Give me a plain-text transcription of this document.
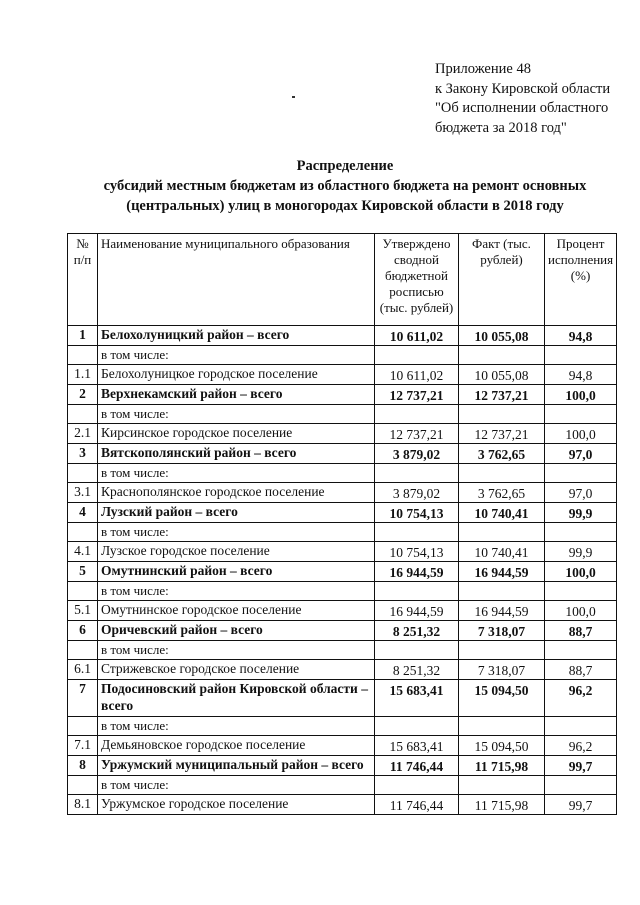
Приложение 48
к Закону Кировской области
"Об исполнении областного
бюджета за 2018 год"
Распределение
субсидий местным бюджетам из областного бюджета на ремонт основных
(центральных) улиц в моногородах Кировской области в 2018 году
№ п/п	Наименование муниципального образования	Утверждено сводной бюджетной росписью (тыс. рублей)	Факт (тыс. рублей)	Процент исполнения (%)
1	Белохолуницкий район – всего	10 611,02	10 055,08	94,8
	в том числе:			
1.1	Белохолуницкое городское поселение	10 611,02	10 055,08	94,8
2	Верхнекамский район – всего	12 737,21	12 737,21	100,0
	в том числе:			
2.1	Кирсинское городское поселение	12 737,21	12 737,21	100,0
3	Вятскополянский район – всего	3 879,02	3 762,65	97,0
	в том числе:			
3.1	Краснополянское городское поселение	3 879,02	3 762,65	97,0
4	Лузский район – всего	10 754,13	10 740,41	99,9
	в том числе:			
4.1	Лузское городское поселение	10 754,13	10 740,41	99,9
5	Омутнинский район – всего	16 944,59	16 944,59	100,0
	в том числе:			
5.1	Омутнинское городское поселение	16 944,59	16 944,59	100,0
6	Оричевский район – всего	8 251,32	7 318,07	88,7
	в том числе:			
6.1	Стрижевское городское поселение	8 251,32	7 318,07	88,7
7	Подосиновский район Кировской области – всего	15 683,41	15 094,50	96,2
	в том числе:			
7.1	Демьяновское городское поселение	15 683,41	15 094,50	96,2
8	Уржумский муниципальный район – всего	11 746,44	11 715,98	99,7
	в том числе:			
8.1	Уржумское городское поселение	11 746,44	11 715,98	99,7
